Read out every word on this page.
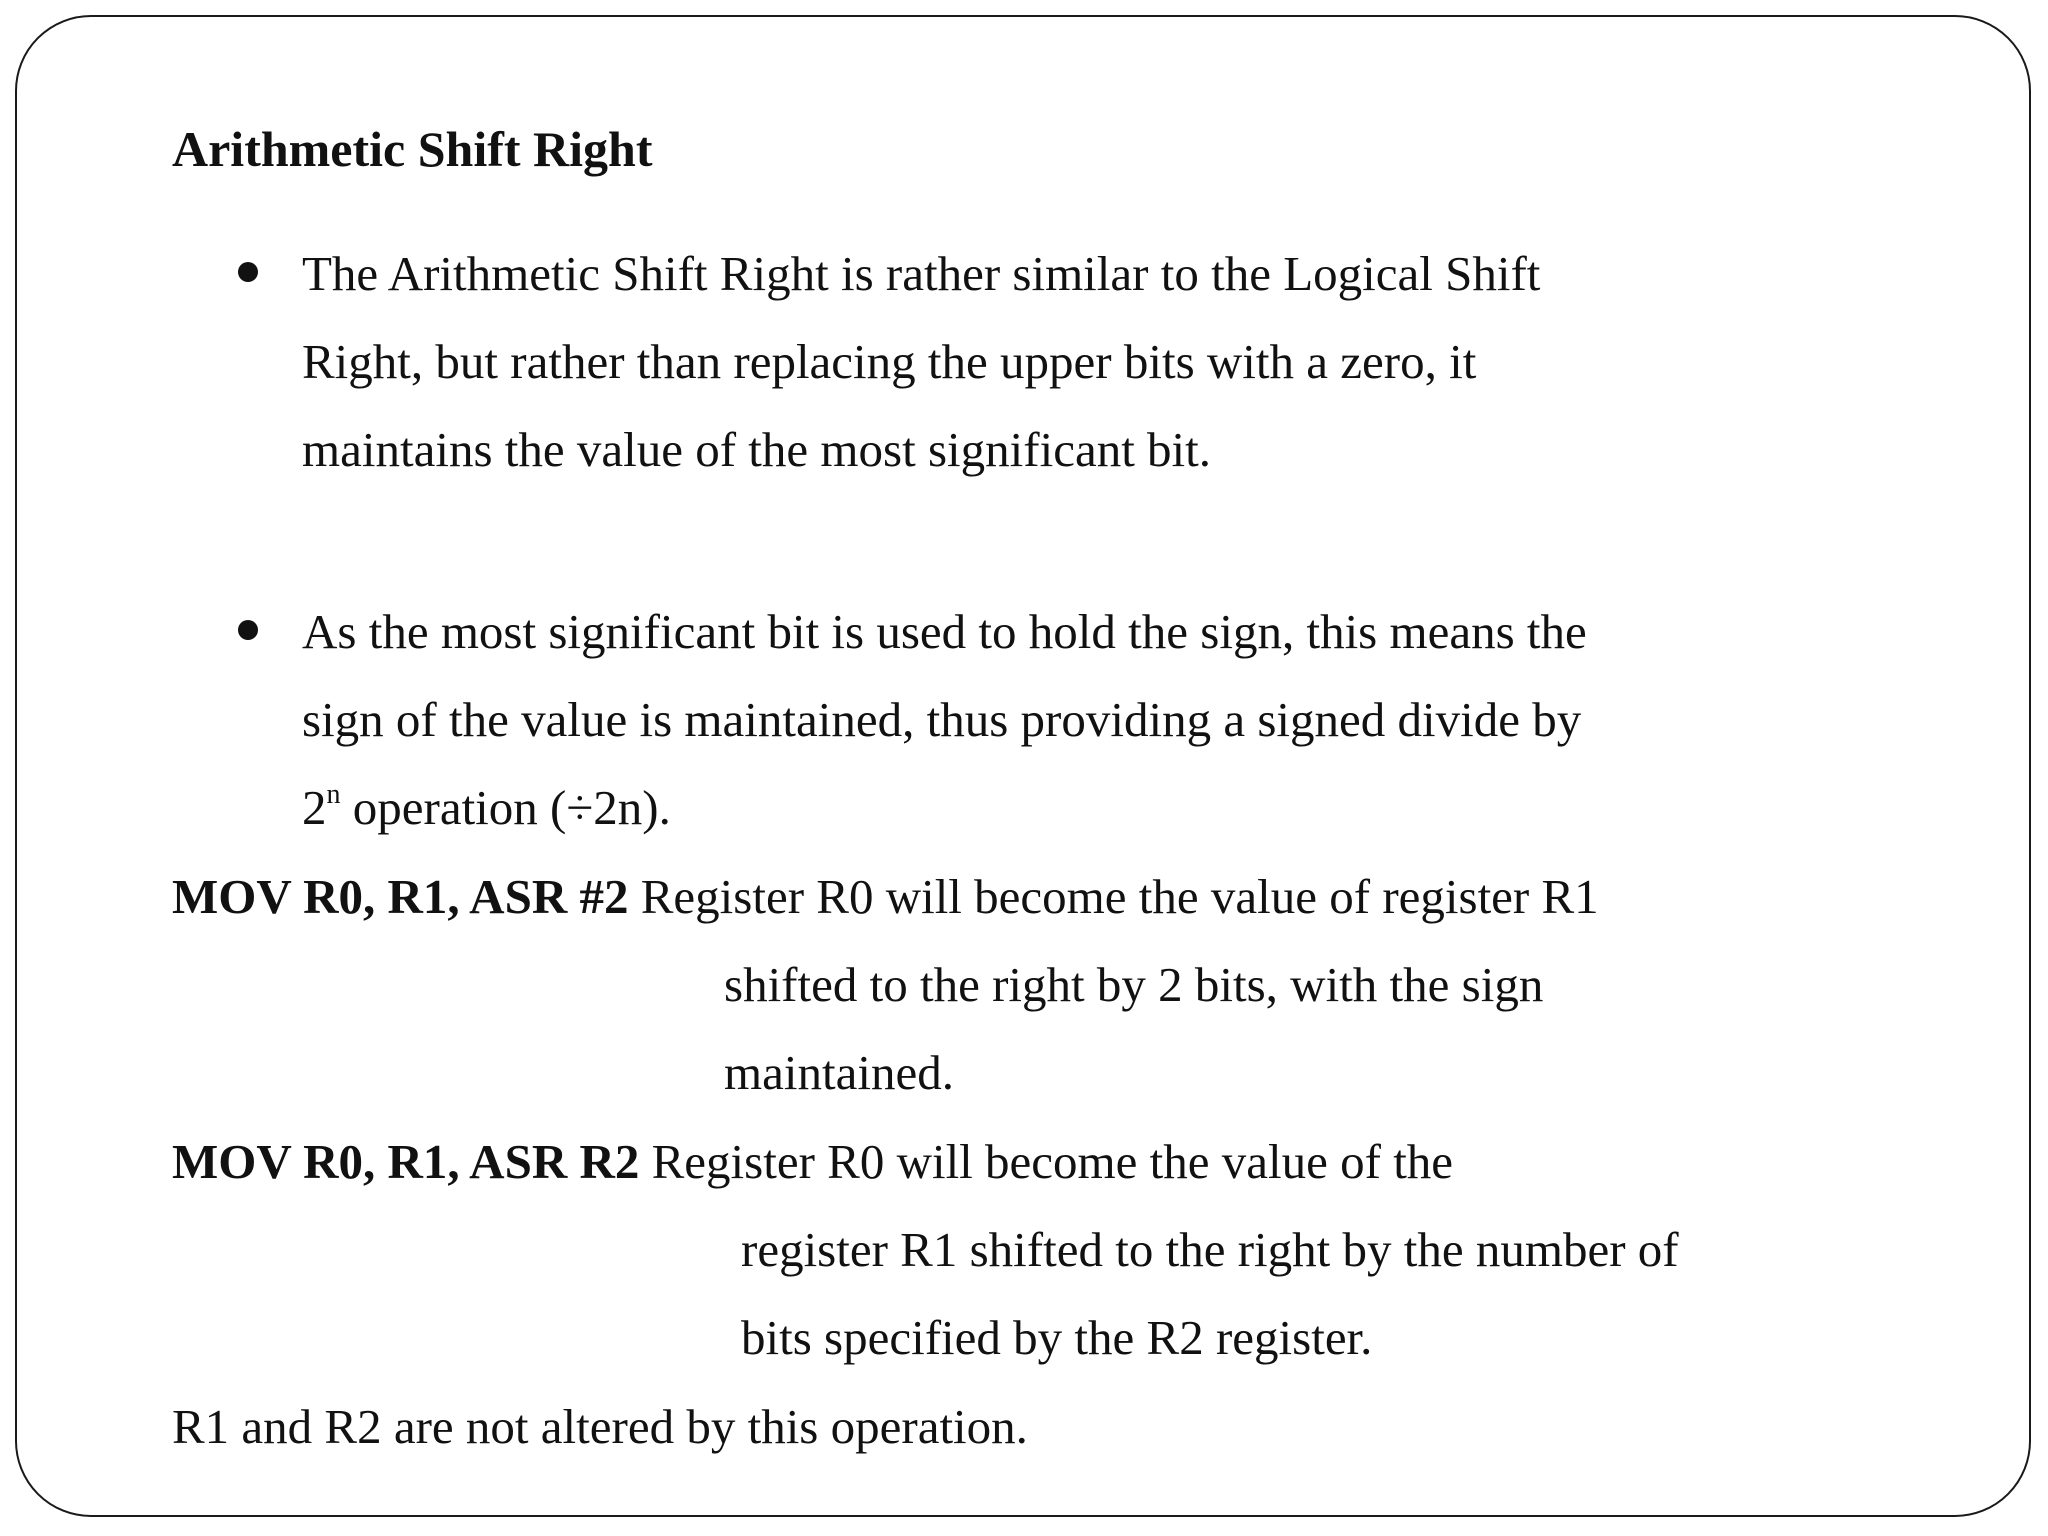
Arithmetic Shift Right
The Arithmetic Shift Right is rather similar to the Logical Shift
Right, but rather than replacing the upper bits with a zero, it
maintains the value of the most significant bit.
As the most significant bit is used to hold the sign, this means the
sign of the value is maintained, thus providing a signed divide by
2$^n$ operation (÷2n).
MOV R0, R1, ASR #2 Register R0 will become the value of register R1
shifted to the right by 2 bits, with the sign
maintained.
MOV R0, R1, ASR R2 Register R0 will become the value of the
register R1 shifted to the right by the number of
bits specified by the R2 register.
R1 and R2 are not altered by this operation.
